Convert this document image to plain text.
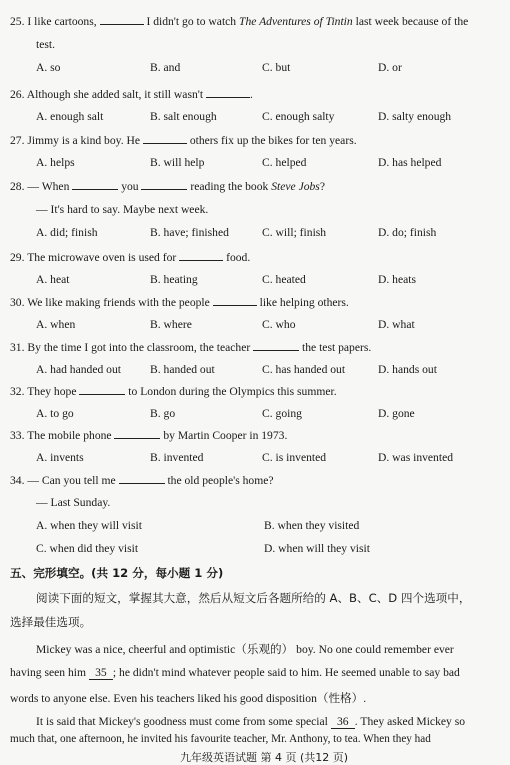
25. I like cartoons,	I didn't go to watch The Adventures of Tintin last week because of the
test.
A. so	B. and	C. but	D. or
26. Although she added salt, it still wasn't	.
A. enough salt	B. salt enough	C. enough salty	D. salty enough
27. Jimmy is a kind boy. He	others fix up the bikes for ten years.
A. helps	B. will help	C. helped	D. has helped
28. — When	you	reading the book Steve Jobs?
— It's hard to say. Maybe next week.
A. did; finish	B. have; finished	C. will; finish	D. do; finish
29. The microwave oven is used for	food.
A. heat	B. heating	C. heated	D. heats
30. We like making friends with the people	like helping others.
A. when	B. where	C. who	D. what
31. By the time I got into the classroom, the teacher	the test papers.
A. had handed out B. handed out	C. has handed out	D. hands out
32. They hope	to London during the Olympics this summer.
A. to go	B. go	C. going	D. gone
33. The mobile phone	by Martin Cooper in 1973.
A. invents	B. invented	C. is invented	D. was invented
34. — Can you tell me	the old people's home?
— Last Sunday.
A. when they will visit	B. when they visited
C. when did they visit	D. when will they visit
五、完形填空。(共 12 分，每小题 1 分)
阅读下面的短文，掌握其大意，然后从短文后各题所给的 A、B、C、D 四个选项中，
选择最佳选项。
Mickey was a nice, cheerful and optimistic（乐观的） boy. No one could remember ever
having seen him 35 ; he didn't mind whatever people said to him. He seemed unable to say bad
words to anyone else. Even his teachers liked his good disposition（性格）.
It is said that Mickey's goodness must come from some special 36 . They asked Mickey so
much that, one afternoon, he invited his favourite teacher, Mr. Anthony, to tea. When they had
九年级英语试题 第 4 页 (共12 页)
